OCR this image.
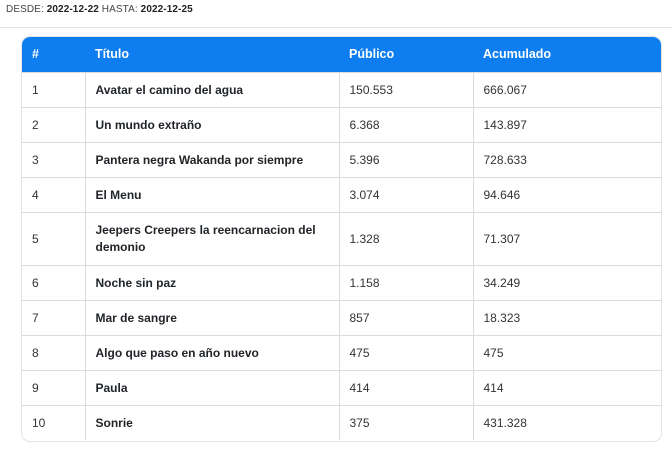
DESDE: 2022-12-22 HASTA: 2022-12-25
#	Título	Público	Acumulado
1	Avatar el camino del agua	150.553	666.067
2	Un mundo extraño	6.368	143.897
3	Pantera negra Wakanda por siempre	5.396	728.633
4	El Menu	3.074	94.646
5	Jeepers Creepers la reencarnacion del demonio	1.328	71.307
6	Noche sin paz	1.158	34.249
7	Mar de sangre	857	18.323
8	Algo que paso en año nuevo	475	475
9	Paula	414	414
10	Sonrie	375	431.328
